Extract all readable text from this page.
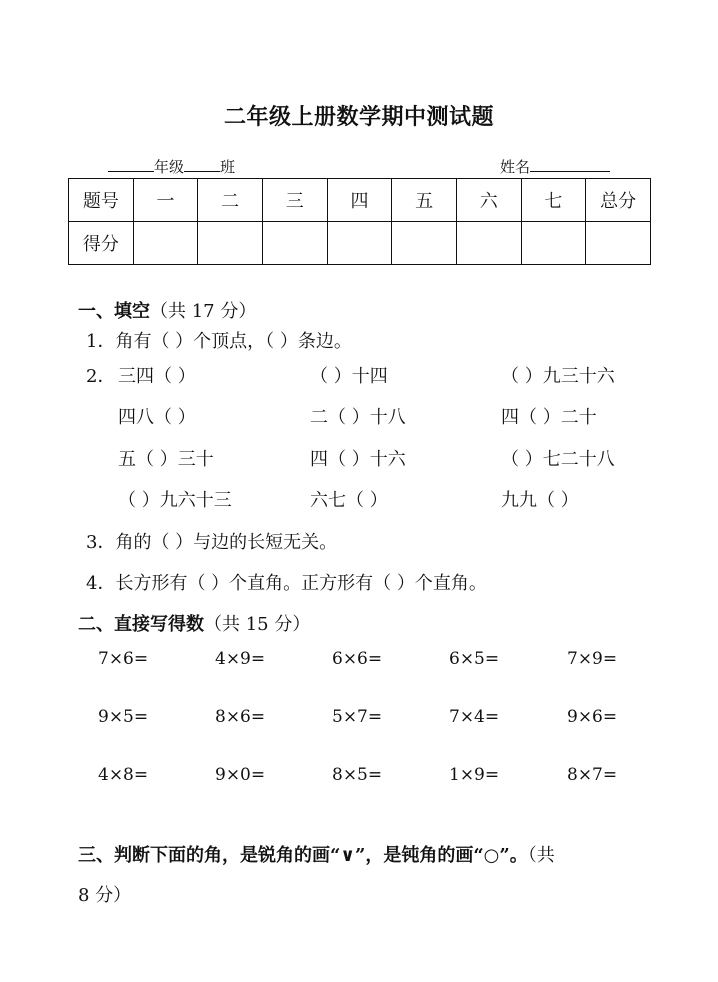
二年级上册数学期中测试题
年级 班	姓名
题号	一	二	三	四	五	六	七	总分
得分								
一、填空（共 17 分）
1．角有（ ）个顶点，（ ）条边。
2． 三四（ ）	（ ）十四	（ ）九三十六
四八（ ）	二（ ）十八	四（ ）二十
五（ ）三十	四（ ）十六	（ ）七二十八
（ ）九六十三	六七（ ）	九九（ ）
3．角的（ ）与边的长短无关。
4．长方形有（ ）个直角。正方形有（ ）个直角。
二、直接写得数（共 15 分）
7×6=	4×9=	6×6=	6×5=	7×9=
9×5=	8×6=	5×7=	7×4=	9×6=
4×8=	9×0=	8×5=	1×9=	8×7=
三、判断下面的角，是锐角的画“∨”，是钝角的画“○”。（共
8 分）
